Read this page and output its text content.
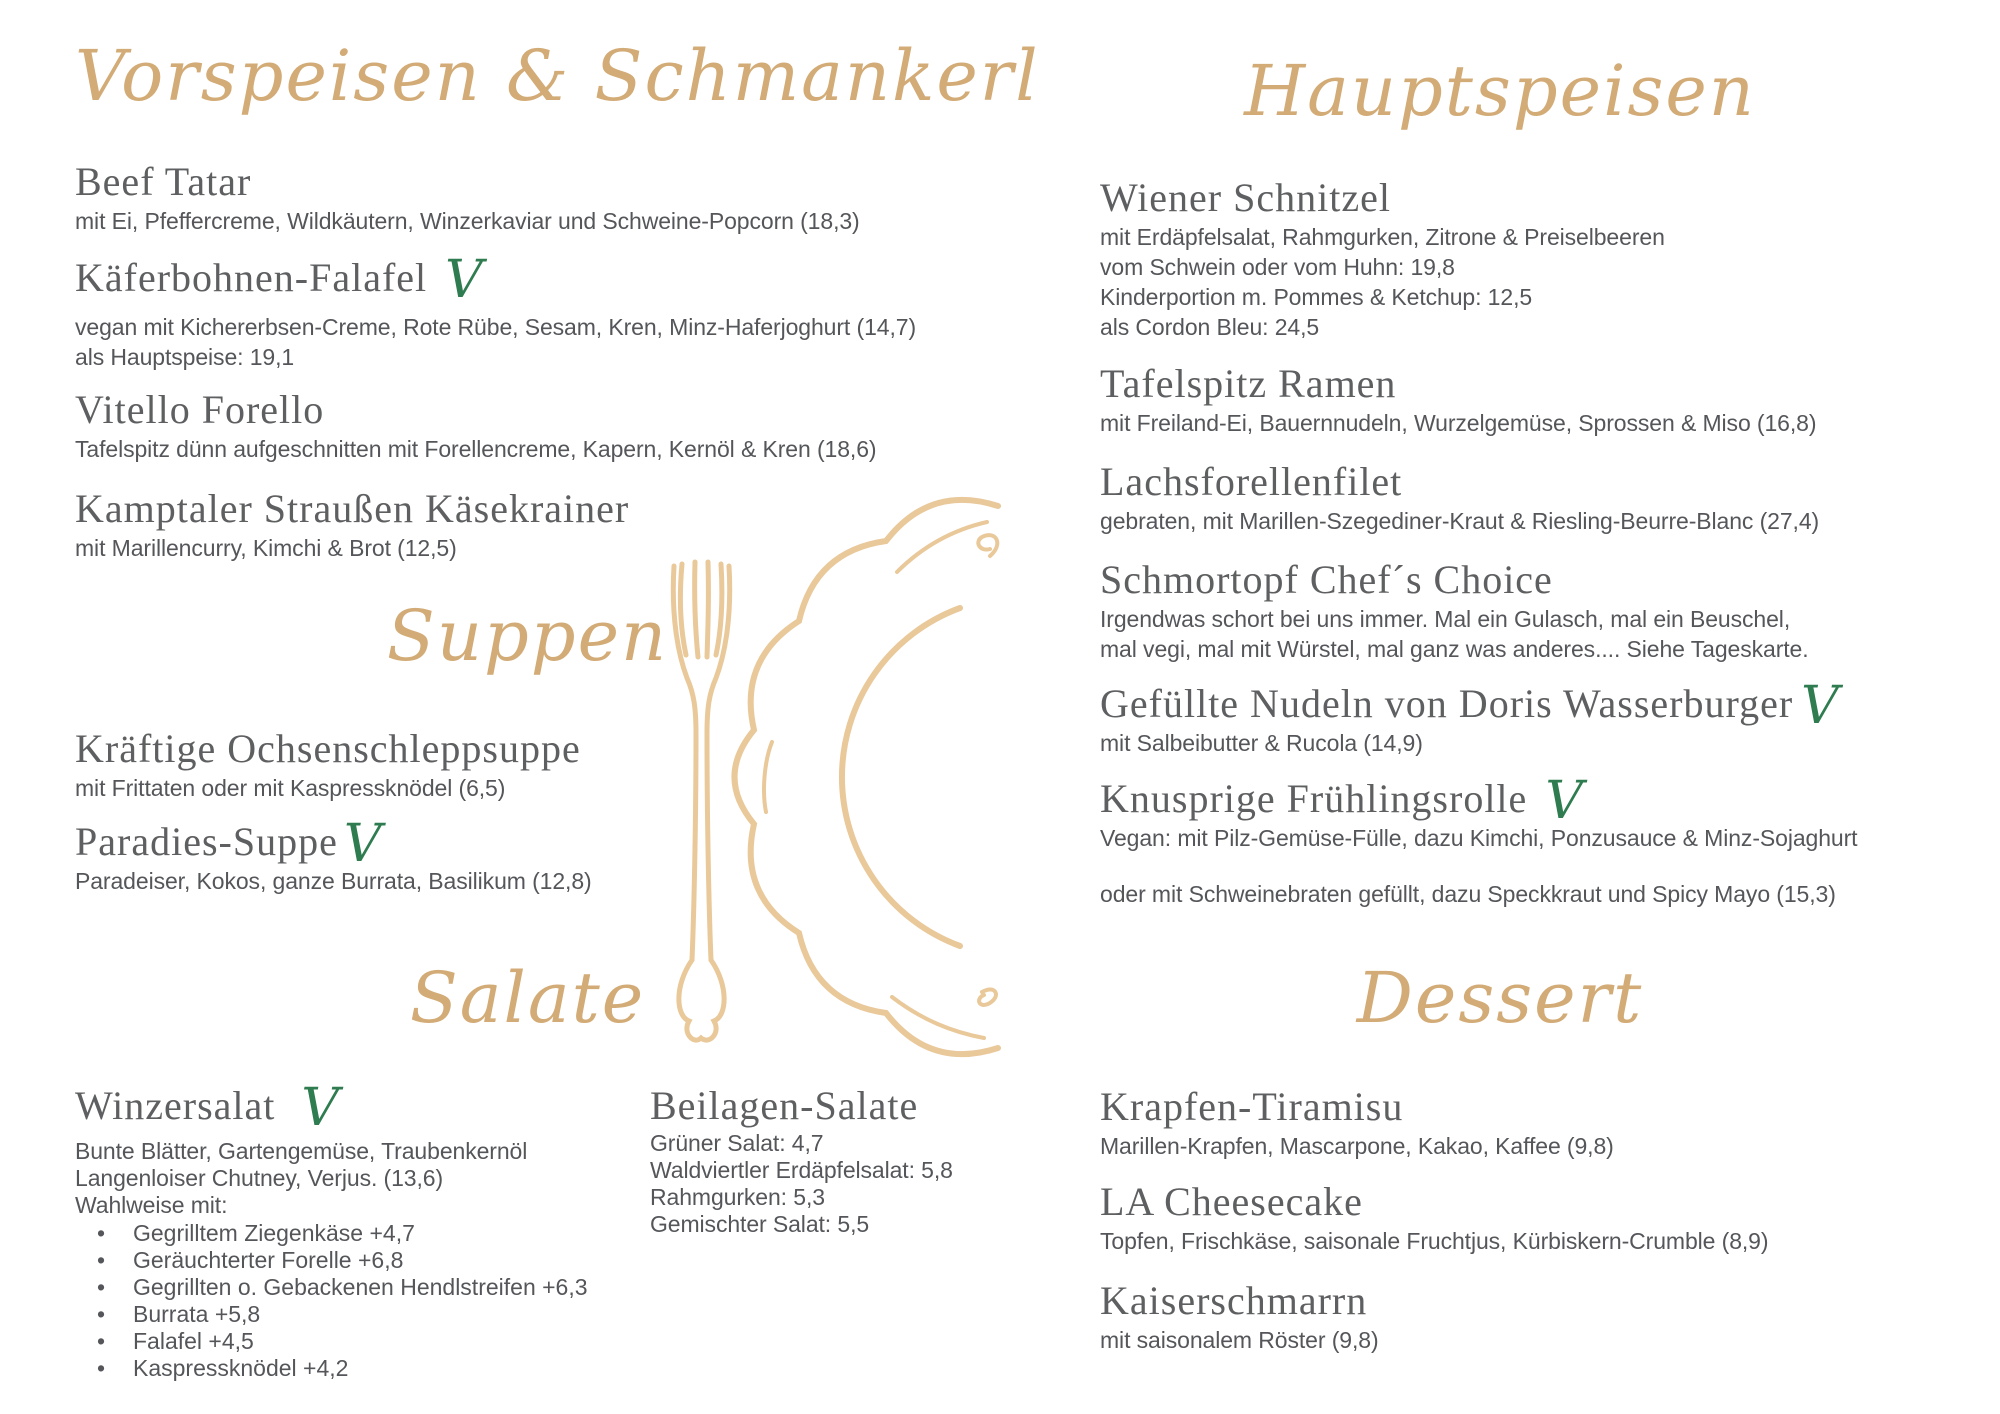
Vorspeisen & Schmankerl
Beef Tatar
mit Ei, Pfeffercreme, Wildkäutern, Winzerkaviar und Schweine-Popcorn (18,3)
Käferbohnen-Falafel V
vegan mit Kichererbsen-Creme, Rote Rübe, Sesam, Kren, Minz-Haferjoghurt (14,7)
als Hauptspeise: 19,1
Vitello Forello
Tafelspitz dünn aufgeschnitten mit Forellencreme, Kapern, Kernöl & Kren (18,6)
Kamptaler Straußen Käsekrainer
mit Marillencurry, Kimchi & Brot (12,5)
Suppen
Kräftige Ochsenschleppsuppe
mit Frittaten oder mit Kaspressknödel (6,5)
Paradies-Suppe V
Paradeiser, Kokos, ganze Burrata, Basilikum (12,8)
Salate
Winzersalat V
Bunte Blätter, Gartengemüse, Traubenkernöl
Langenloiser Chutney, Verjus. (13,6)
Wahlweise mit:
• Gegrilltem Ziegenkäse +4,7
• Geräuchterter Forelle +6,8
• Gegrillten o. Gebackenen Hendlstreifen +6,3
• Burrata +5,8
• Falafel +4,5
• Kaspressknödel +4,2
Beilagen-Salate
Grüner Salat: 4,7
Waldviertler Erdäpfelsalat: 5,8
Rahmgurken: 5,3
Gemischter Salat: 5,5
Hauptspeisen
Wiener Schnitzel
mit Erdäpfelsalat, Rahmgurken, Zitrone & Preiselbeeren
vom Schwein oder vom Huhn: 19,8
Kinderportion m. Pommes & Ketchup: 12,5
als Cordon Bleu: 24,5
Tafelspitz Ramen
mit Freiland-Ei, Bauernnudeln, Wurzelgemüse, Sprossen & Miso (16,8)
Lachsforellenfilet
gebraten, mit Marillen-Szegediner-Kraut & Riesling-Beurre-Blanc (27,4)
Schmortopf Chef´s Choice
Irgendwas schort bei uns immer. Mal ein Gulasch, mal ein Beuschel,
mal vegi, mal mit Würstel, mal ganz was anderes.... Siehe Tageskarte.
Gefüllte Nudeln von Doris Wasserburger V
mit Salbeibutter & Rucola (14,9)
Knusprige Frühlingsrolle V
Vegan: mit Pilz-Gemüse-Fülle, dazu Kimchi, Ponzusauce & Minz-Sojaghurt
oder mit Schweinebraten gefüllt, dazu Speckkraut und Spicy Mayo (15,3)
Dessert
Krapfen-Tiramisu
Marillen-Krapfen, Mascarpone, Kakao, Kaffee (9,8)
LA Cheesecake
Topfen, Frischkäse, saisonale Fruchtjus, Kürbiskern-Crumble (8,9)
Kaiserschmarrn
mit saisonalem Röster (9,8)
